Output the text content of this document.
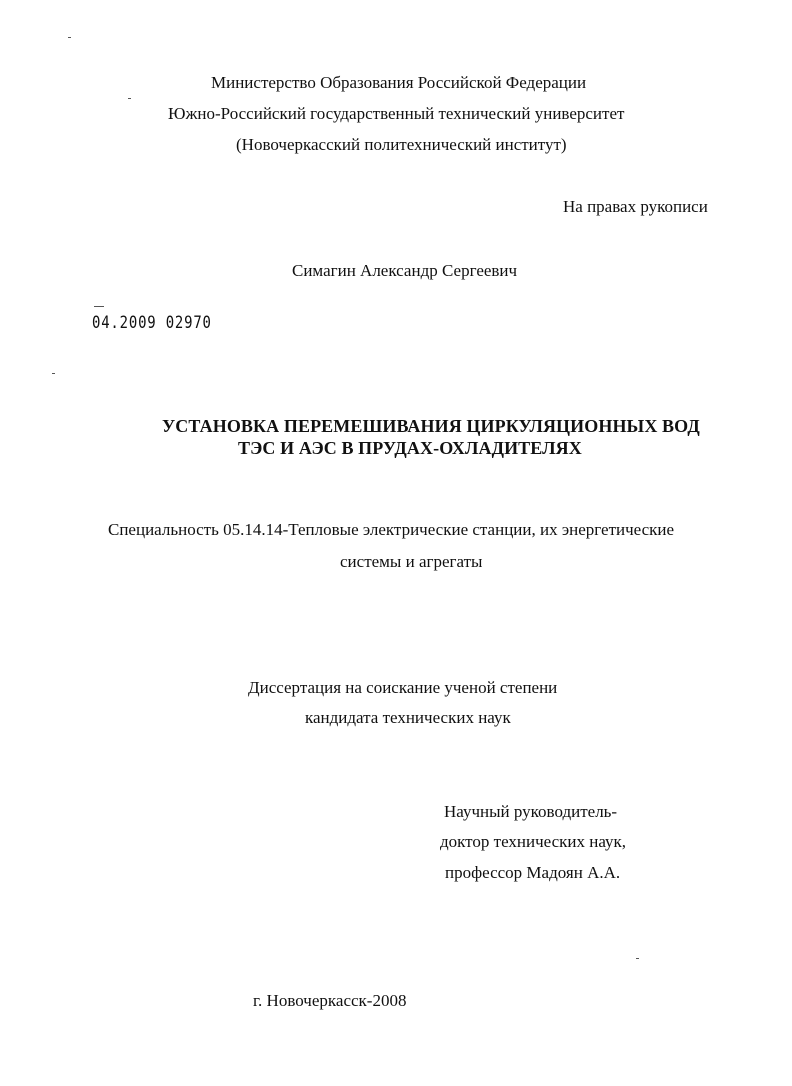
Министерство Образования Российской Федерации
Южно-Российский государственный технический университет
(Новочеркасский политехнический институт)
На правах рукописи
Симагин Александр Сергеевич
04.2009 02970
УСТАНОВКА ПЕРЕМЕШИВАНИЯ ЦИРКУЛЯЦИОННЫХ ВОД
ТЭС И АЭС В ПРУДАХ-ОХЛАДИТЕЛЯХ
Специальность 05.14.14-Тепловые электрические станции, их энергетические
системы и агрегаты
Диссертация на соискание ученой степени
кандидата технических наук
Научный руководитель-
доктор технических наук,
профессор Мадоян А.А.
г. Новочеркасск-2008
